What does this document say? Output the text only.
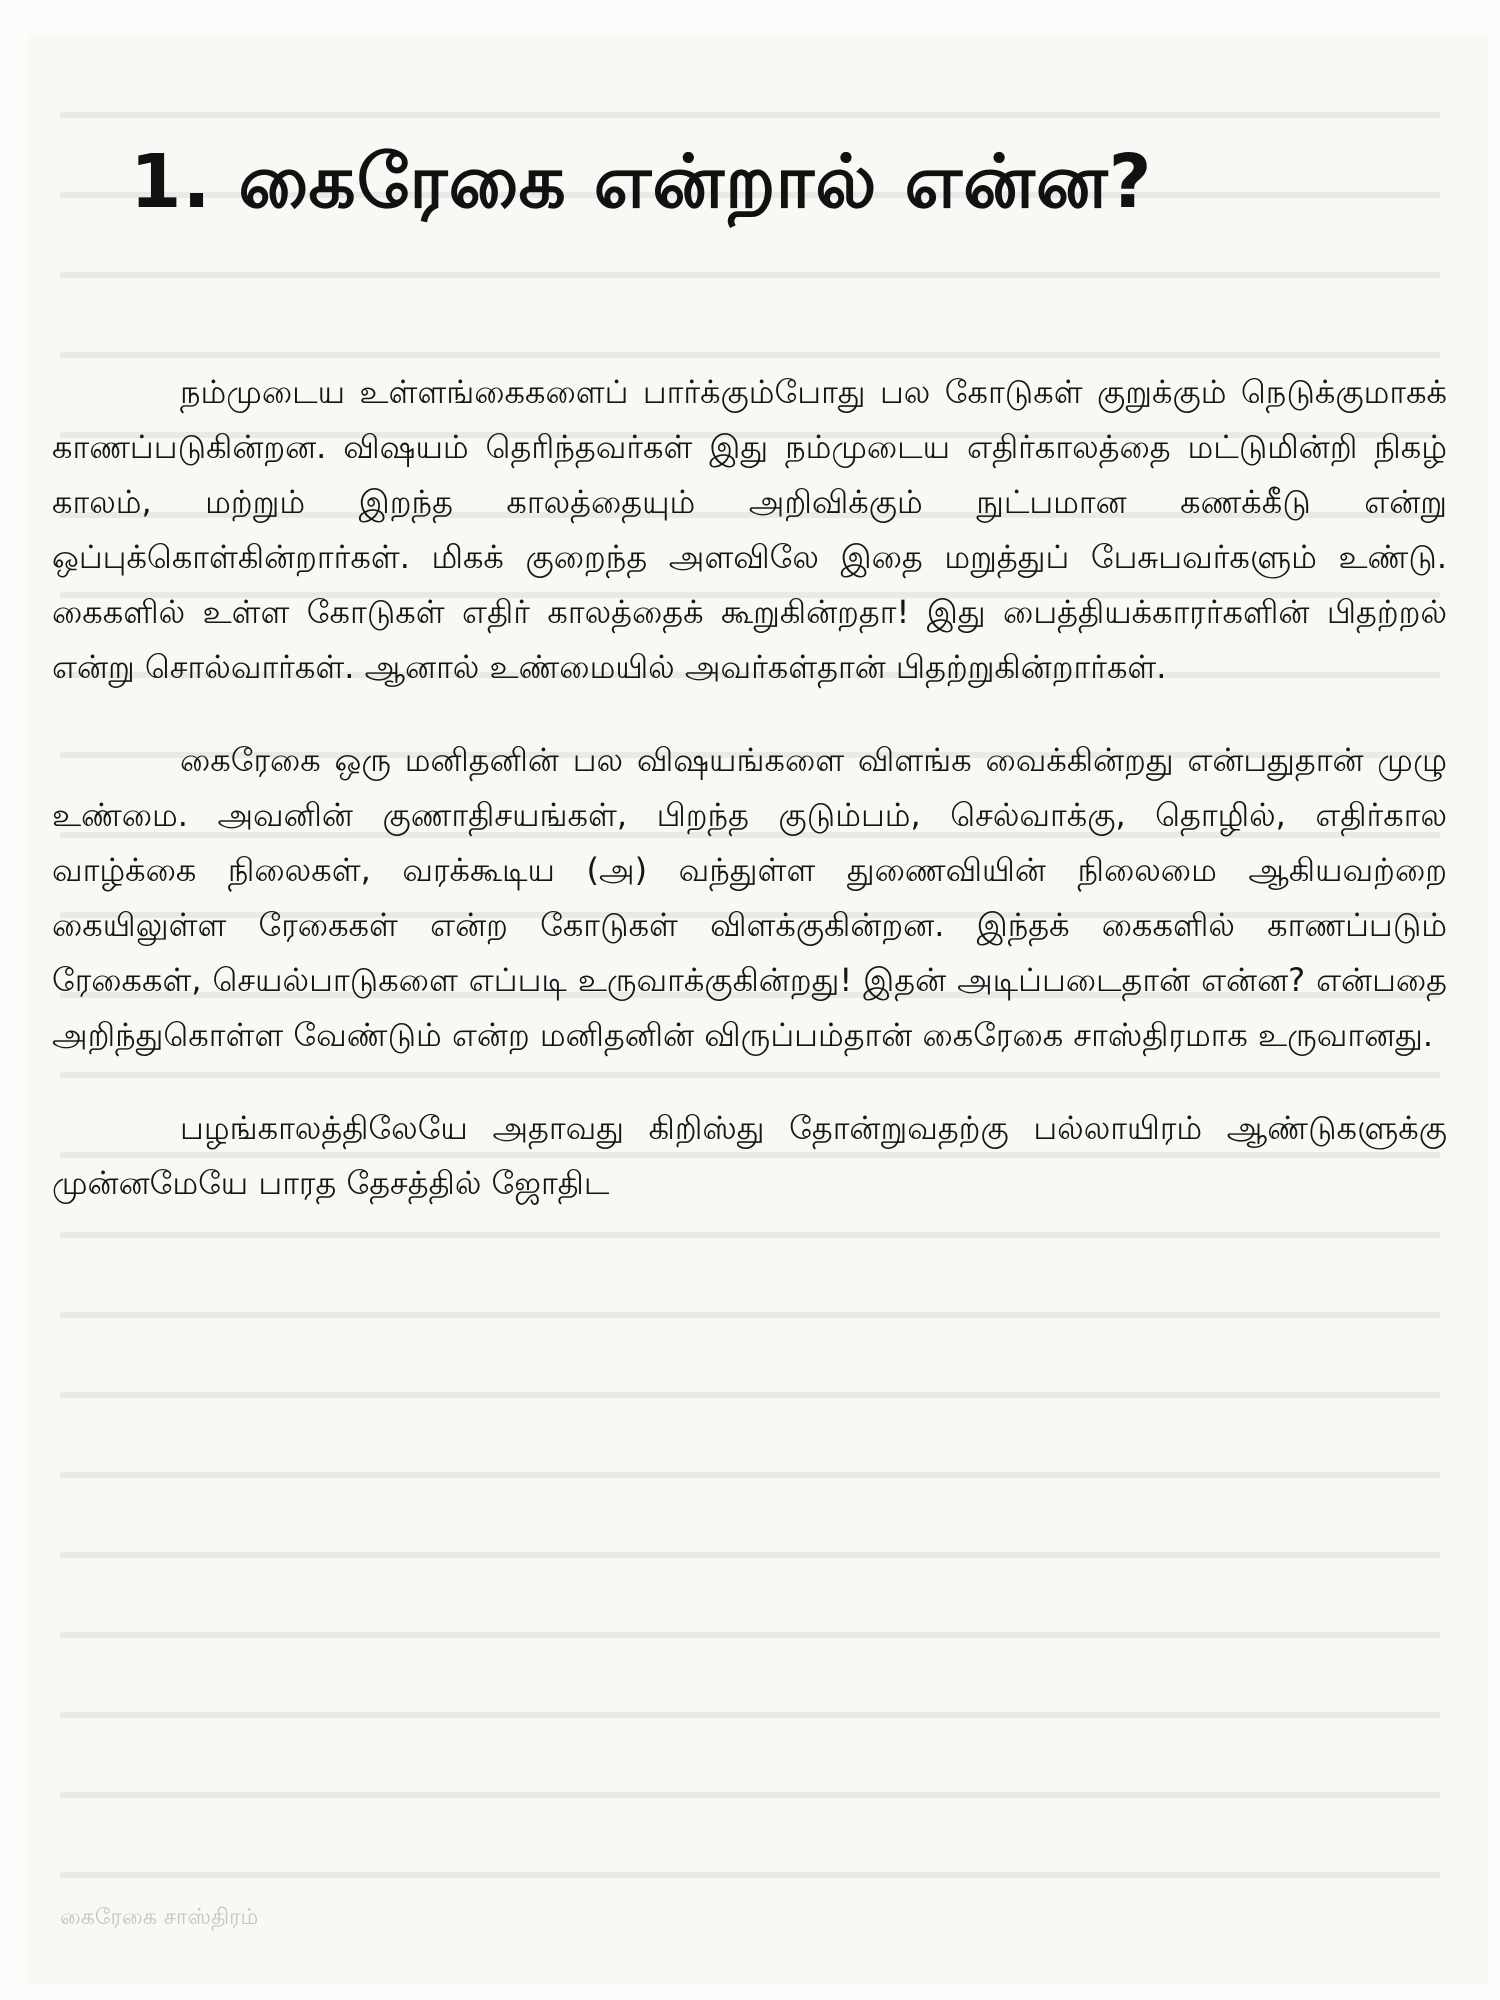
1. கைரேகை என்றால் என்ன?

நம்முடைய உள்ளங்கைகளைப் பார்க்கும்போது பல கோடுகள் குறுக்கும் நெடுக்குமாகக் காணப்படுகின்றன. விஷயம் தெரிந்தவர்கள் இது நம்முடைய எதிர்காலத்தை மட்டுமின்றி நிகழ் காலம், மற்றும் இறந்த காலத்தையும் அறிவிக்கும் நுட்பமான கணக்கீடு என்று ஒப்புக்கொள்கின்றார்கள். மிகக் குறைந்த அளவிலே இதை மறுத்துப் பேசுபவர்களும் உண்டு. கைகளில் உள்ள கோடுகள் எதிர் காலத்தைக் கூறுகின்றதா! இது பைத்தியக்காரர்களின் பிதற்றல் என்று சொல்வார்கள். ஆனால் உண்மையில் அவர்கள்தான் பிதற்றுகின்றார்கள்.

கைரேகை ஒரு மனிதனின் பல விஷயங்களை விளங்க வைக்கின்றது என்பதுதான் முழு உண்மை. அவனின் குணாதிசயங்கள், பிறந்த குடும்பம், செல்வாக்கு, தொழில், எதிர்கால வாழ்க்கை நிலைகள், வரக்கூடிய (அ) வந்துள்ள துணைவியின் நிலைமை ஆகியவற்றை கையிலுள்ள ரேகைகள் என்ற கோடுகள் விளக்குகின்றன. இந்தக் கைகளில் காணப்படும் ரேகைகள், செயல்பாடுகளை எப்படி உருவாக்குகின்றது! இதன் அடிப்படைதான் என்ன? என்பதை அறிந்துகொள்ள வேண்டும் என்ற மனிதனின் விருப்பம்தான் கைரேகை சாஸ்திரமாக உருவானது.

பழங்காலத்திலேயே அதாவது கிறிஸ்து தோன்றுவதற்கு பல்லாயிரம் ஆண்டுகளுக்கு முன்னமேயே பாரத தேசத்தில் ஜோதிட

கைரேகை சாஸ்திரம்
